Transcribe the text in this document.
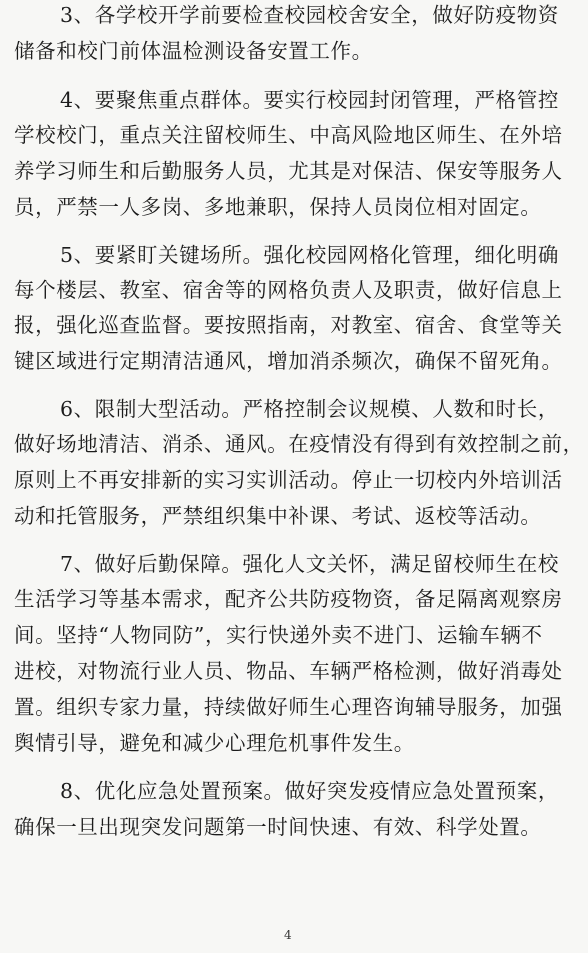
3、各学校开学前要检查校园校舍安全，做好防疫物资
储备和校门前体温检测设备安置工作。
4、要聚焦重点群体。要实行校园封闭管理，严格管控
学校校门，重点关注留校师生、中高风险地区师生、在外培
养学习师生和后勤服务人员，尤其是对保洁、保安等服务人
员，严禁一人多岗、多地兼职，保持人员岗位相对固定。
5、要紧盯关键场所。强化校园网格化管理，细化明确
每个楼层、教室、宿舍等的网格负责人及职责，做好信息上
报，强化巡查监督。要按照指南，对教室、宿舍、食堂等关
键区域进行定期清洁通风，增加消杀频次，确保不留死角。
6、限制大型活动。严格控制会议规模、人数和时长，
做好场地清洁、消杀、通风。在疫情没有得到有效控制之前，
原则上不再安排新的实习实训活动。停止一切校内外培训活
动和托管服务，严禁组织集中补课、考试、返校等活动。
7、做好后勤保障。强化人文关怀，满足留校师生在校
生活学习等基本需求，配齐公共防疫物资，备足隔离观察房
间。坚持“人物同防”，实行快递外卖不进门、运输车辆不
进校，对物流行业人员、物品、车辆严格检测，做好消毒处
置。组织专家力量，持续做好师生心理咨询辅导服务，加强
舆情引导，避免和减少心理危机事件发生。
8、优化应急处置预案。做好突发疫情应急处置预案，
确保一旦出现突发问题第一时间快速、有效、科学处置。
4
